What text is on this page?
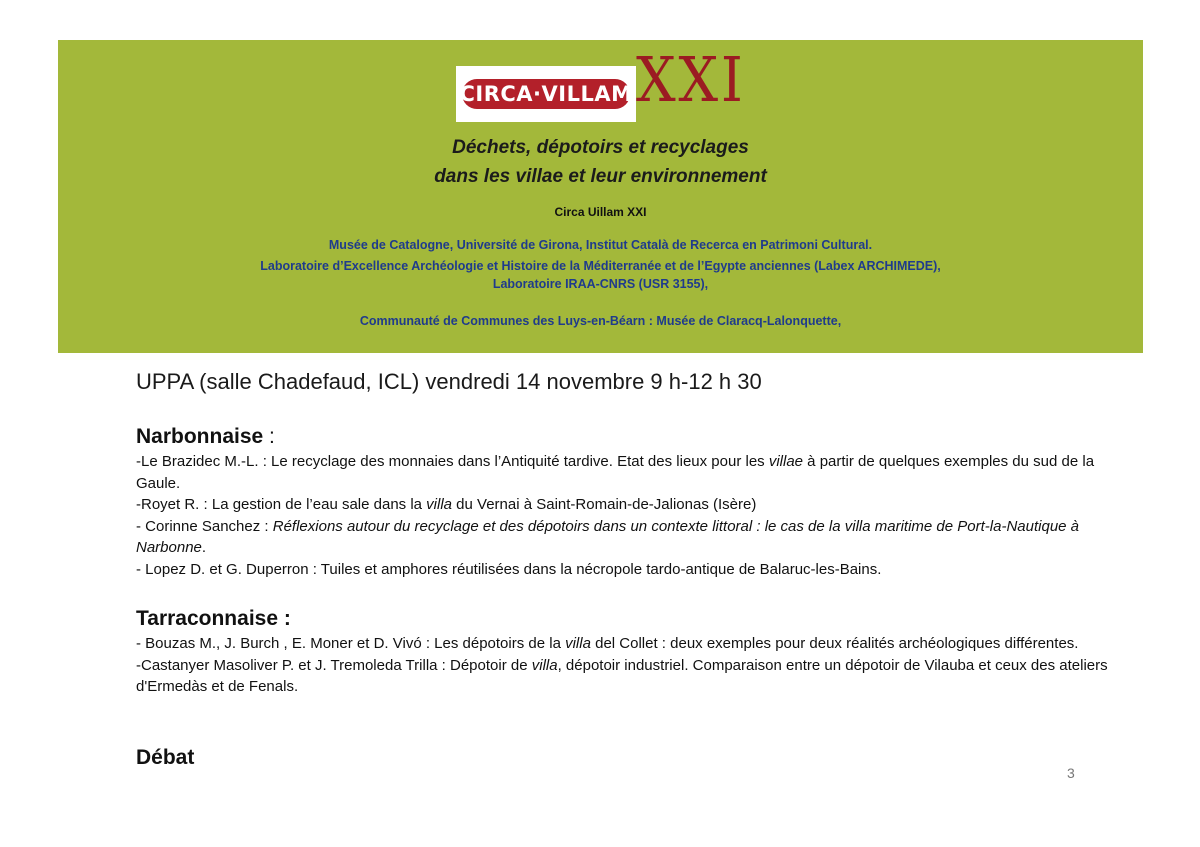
CIRCA·VILLAM XXI
Déchets, dépotoirs et recyclages
dans les villae et leur environnement
Circa Uillam XXI
Musée de Catalogne, Université de Girona, Institut Català de Recerca en Patrimoni Cultural.
Laboratoire d’Excellence Archéologie et Histoire de la Méditerranée et de l’Egypte anciennes (Labex ARCHIMEDE),
Laboratoire IRAA-CNRS (USR 3155),
Communauté de Communes des Luys-en-Béarn : Musée de Claracq-Lalonquette,
UPPA (salle Chadefaud, ICL) vendredi 14 novembre 9 h-12 h 30
Narbonnaise :
-Le Brazidec M.-L. : Le recyclage des monnaies dans l’Antiquité tardive. Etat des lieux pour les villae à partir de quelques exemples du sud de la Gaule.
-Royet R. : La gestion de l’eau sale dans la villa du Vernai à Saint-Romain-de-Jalionas (Isère)
- Corinne Sanchez : Réflexions autour du recyclage et des dépotoirs dans un contexte littoral : le cas de la villa maritime de Port-la-Nautique à Narbonne.
- Lopez D. et G. Duperron : Tuiles et amphores réutilisées dans la nécropole tardo-antique de Balaruc-les-Bains.
Tarraconnaise :
- Bouzas M., J. Burch , E. Moner et D. Vivó : Les dépotoirs de la villa del Collet : deux exemples pour deux réalités archéologiques différentes.
-Castanyer Masoliver P. et J. Tremoleda Trilla : Dépotoir de villa, dépotoir industriel. Comparaison entre un dépotoir de Vilauba et ceux des ateliers d'Ermedàs et de Fenals.
Débat
3
